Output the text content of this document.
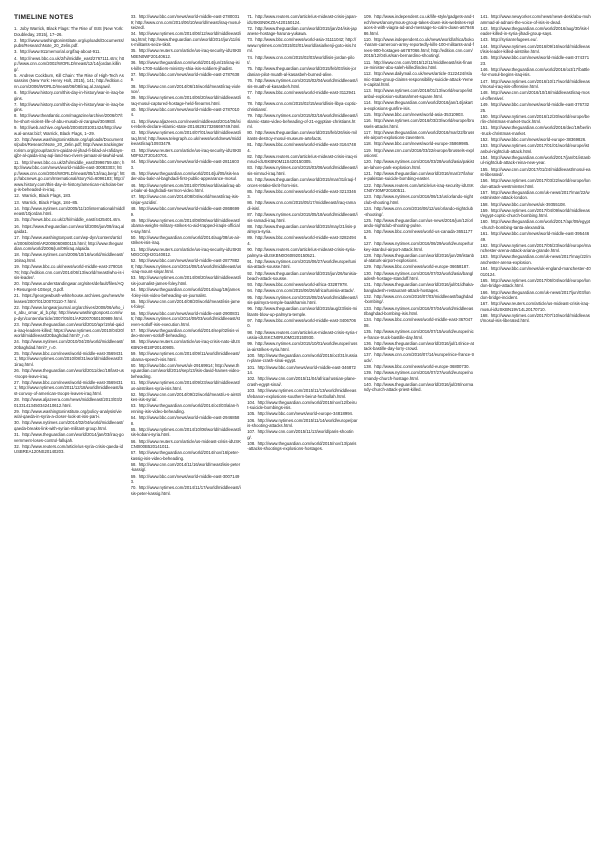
TIMELINE NOTES
1. Joby Warrick, Black Flags: The Rise of ISIS (New York: Doubleday, 2015), 17–26.
2. http://www.washingtoninstitute.org/uploads/Documents/pubs/ResearchNote_20_Zelin.pdf.
3. http://www.911memorial.org/faq-about-911.
4. http://news.bbc.co.uk/2/hi/middle_east/2767111.stm; http://www.cnn.com/2002/WORLD/meast/12/14/jordan.killing/.
5. Andrew Cockburn, Kill Chain: The Rise of High-Tech Assassins (New York: Henry Holt, 2015), 141; http://edition.cnn.com/2006/WORLD/meast/06/08/iraq.al.zarqawi/.
6. http://www.history.com/this-day-in-history/war-in-iraq-begins.
7. http://www.history.com/this-day-in-history/war-in-iraq-begins.
8. http://www.theatlantic.com/magazine/archive/2006/07/the-short-violent-life-of-abu-musab-al-zarqawi/304983/.
9. http://web.archive.org/web/20040201001424/http://www.al-ansar.biz/; Warrick, Black Flags, 1–29.
10. http://www.washingtoninstitute.org/uploads/Documents/pubs/ResearchNote_20_Zelin.pdf; http://www.trackingterrorism.org/group/tanzim-qaidat-al-jihad-fi-bilad-al-rafidayn-qjbr-al-qaida-iraq-aqi-land-two-rivers-jamaat-al-tawhid-wal.
11. http://news.bbc.co.uk/2/hi/middle_east/3996759.stm; http://www.bbc.com/news/world-middle-east-30083303; http://www.cnn.com/2004/WORLD/meast/05/13/iraq.berg/; http://abcnews.go.com/International/story?id=6096183; http://www.history.com/this-day-in-history/american-nicholas-berg-is-beheaded-in-iraq.
12. Warrick, Black Flags, 183.
13. Warrick, Black Flags, 184–85.
14. http://www.nytimes.com/2005/11/10/international/middleeast/10jordan.html.
15. http://news.bbc.co.uk/2/hi/middle_east/4425401.stm.
16. https://www.theguardian.com/world/2006/jun/08/iraq.alqaida1.
17. http://www.washingtonpost.com/wp-dyn/content/article/2006/06/08/AR2006060800115.html; http://www.theguardian.com/world/2006/jun/09/iraq.alqaida.
18. http://www.nytimes.com/2006/10/16/world/middleeast/16iraq.html.
19. http://www.bbc.co.uk/news/world-middle-east-27801676; http://edition.cnn.com/2014/06/13/world/meast/who-is-isis-leader/.
20. http://www.understandingwar.org/sites/default/files/AQI-Resurgent-10Sept_0.pdf.
21. https://georgewbush-whitehouse.archives.gov/news/releases/2007/01/20070110-7.html.
22. http://www.longwarjournal.org/archives/2008/06/who_is_abu_omar_al_b.php; http://www.washingtonpost.com/wp-dyn/content/article/2007/05/01/AR2007050100989.html.
23. http://www.theguardian.com/world/2010/apr/19/al-qaida-iraq-leaders-killed; https://www.nytimes.com/2010/04/20/world/middleeast/20baghdad.html?_r=0.
24. http://www.nytimes.com/2010/04/20/world/middleeast/20baghdad.html?_r=0.
25. http://www.bbc.com/news/world-middle-east-35694311; http://www.nytimes.com/2010/08/31/world/middleeast/31iraq.html.
26. http://www.theguardian.com/world/2011/dec/18/last-us-troops-leave-iraq.
27. http://www.bbc.com/news/world-middle-east-35694311; http://www.nytimes.com/2011/12/18/world/middleeast/last-convoy-of-american-troops-leaves-iraq.html.
28. http://www.aljazeera.com/news/middleeast/2013/03/201331413450342410612.html.
29. http://www.washingtoninstitute.org/policy-analysis/view/al-qaeda-in-syria-a-closer-look-at-isis-part-i.
30. http://www.nytimes.com/2014/02/04/world/middleeast/qaeda-breaks-link-with-syrian-militant-group.html.
31. http://www.theguardian.com/world/2014/jan/03/iraq-government-loses-control-fallujah.
32. http://www.reuters.com/article/us-syria-crisis-qaeda-idUSBREA120NS20140203.
33. http://www.bbc.com/news/world-middle-east-27800319; http://www.cnn.com/2014/06/10/world/meast/iraq-mosul-seized/.
34. http://www.nytimes.com/2014/06/12/world/middleeast/iraq.html; http://www.theguardian.com/world/2014/jun/11/isis-militants-seize-tikrit.
35. http://www.reuters.com/article/us-iraq-security-idUSKBN0EN0WF20140612.
36. http://www.theguardian.com/world/2014/jun/15/iraq-isis-kills-1700-soldiers-ministry-shia-isis-soldiers-jihadist.
37. http://www.bbc.com/news/world-middle-east-27876389.
38. http://www.cnn.com/2014/06/15/world/meast/iraq-violence/.
39. http://www.nytimes.com/2014/06/20/world/middleeast/iraq-mosul-captured-hostage-held-firearms.html.
40. http://www.bbc.com/news/world-middle-east-27870104.
41. http://www.aljazeera.com/news/middleeast/2014/06/isis-rebels-declare-islamic-state-201462917326669749.html.
42. http://www.nytimes.com/2014/07/01/world/middleeast/iraq.html; http://www.telegraph.co.uk/news/worldnews/middleeast/iraq/10933479.
43. http://www.reuters.com/article/us-iraq-security-idUSKBN0F62JT20140701.
44. http://www.bbc.com/news/world-middle-east-28116033.
45. http://www.theguardian.com/world/2014/jul/05/isis-leader-abu-bakr-al-baghdadi-first-public-appearance-mosul.
46. http://www.nytimes.com/2014/07/05/world/asia/iraq-abu-bakr-al-baghdadi-sermon-video.html.
47. http://www.cnn.com/2014/08/04/world/meast/iraq-isis-sinjar-yazidis/.
48. http://www.bbc.com/news/world-middle-east-28686999.
49. http://www.nytimes.com/2014/08/08/world/middleeast/obama-weighs-military-strikes-to-aid-trapped-iraqis-officials-say.html.
50. http://www.theguardian.com/world/2014/aug/08/us-air-strikes-isis-iraq.
51. http://www.reuters.com/article/us-iraq-security-idUSKBN0GC0QH20140812.
52. http://www.bbc.com/news/world-middle-east-28778828; http://www.nytimes.com/2014/08/14/world/middleeast/us-iraq-mount-sinjar.html.
53. http://www.nytimes.com/2014/08/20/world/middleeast/isis-journalist-james-foley.html.
54. http://www.theguardian.com/world/2014/aug/19/james-foley-isis-video-beheading-us-journalist.
55. http://www.cnn.com/2014/08/20/world/meast/isis-james-foley/.
56. http://www.bbc.com/news/world-middle-east-29008316; http://www.nytimes.com/2014/09/03/world/middleeast/steven-sotloff-isis-execution.html.
57. http://www.theguardian.com/world/2014/sep/02/isis-video-steven-sotloff-beheading.
58. http://www.reuters.com/article/us-iraq-crisis-nato-idUSKBN0H018P20140905.
59. http://www.nytimes.com/2014/09/11/world/middleeast/obama-speech-isis.html.
60. http://www.bbc.com/news/uk-29169914; http://www.theguardian.com/world/2014/sep/13/isis-david-haines-video-beheading.
61. http://www.nytimes.com/2014/09/23/world/middleeast/us-airstrikes-syria-isis.html.
62. http://www.cnn.com/2014/09/22/world/meast/u-s-airstrikes-isis-syria/.
63. http://www.theguardian.com/world/2014/oct/03/alan-henning-isis-video-beheading.
64. http://www.bbc.com/news/world-middle-east-29468588.
65. http://www.nytimes.com/2014/10/08/world/middleeast/isis-kobani-syria.html.
66. http://www.reuters.com/article/us-mideast-crisis-idUSKCN0I00B520141011.
67. http://www.theguardian.com/world/2014/nov/16/peter-kassig-isis-video-beheading.
68. http://www.cnn.com/2014/11/16/world/meast/isis-peter-kassig/.
69. http://www.bbc.com/news/world-middle-east-30071493.
70. http://www.nytimes.com/2014/11/17/world/middleeast/isis-peter-kassig.html.
71. http://www.reuters.com/article/us-mideast-crisis-japan-idUSKBN0KZ0A420150124.
72. http://www.theguardian.com/world/2015/jan/24/isis-japanese-hostage-haruna-yukawa.
73. http://www.bbc.com/news/world-asia-31111042; http://www.nytimes.com/2015/02/01/world/asia/kenji-goto-isis.html.
74. http://www.cnn.com/2015/02/03/world/isis-jordan-pilot/.
75. http://www.theguardian.com/world/2015/feb/03/isis-jordanian-pilot-muath-al-kasasbeh-burned-alive.
76. http://www.nytimes.com/2015/02/04/world/middleeast/isis-muath-al-kasasbeh.html.
77. http://www.bbc.com/news/world-middle-east-31129416.
78. http://www.cnn.com/2015/02/15/world/isis-libya-coptic-christians/.
79. http://www.nytimes.com/2015/02/16/world/middleeast/islamic-state-video-beheading-of-21-egyptian-christians.html.
80. http://www.theguardian.com/world/2015/feb/26/isis-militants-destroy-mosul-museum-artefacts.
81. http://www.bbc.com/news/world-middle-east-31647484.
82. http://www.reuters.com/article/us-mideast-crisis-iraq-nimrud-idUSKBN0M11S420150305.
83. http://www.nytimes.com/2015/03/06/world/middleeast/isis-nimrud-iraq.html.
84. http://www.theguardian.com/world/2015/mar/31/iraqi-forces-retake-tikrit-from-isis.
85. http://www.bbc.com/news/world-middle-east-32133463.
86. http://www.cnn.com/2015/05/17/middleeast/iraq-ramadi-isis/.
87. http://www.nytimes.com/2015/05/18/world/middleeast/isis-ramadi-iraq.html.
88. http://www.theguardian.com/world/2015/may/21/isis-palmyra-syria.
89. http://www.bbc.com/news/world-middle-east-32824944.
90. http://www.reuters.com/article/us-mideast-crisis-syria-palmyra-idUSKBN0O60I920150521.
91. http://www.nytimes.com/2015/06/27/world/europe/tunisia-attack-sousse.html.
92. http://www.theguardian.com/world/2015/jun/26/tunisia-beach-attack-sousse.
93. http://www.bbc.com/news/world-africa-33287978.
94. http://www.cnn.com/2015/06/26/africa/tunisia-attack/.
95. http://www.nytimes.com/2015/08/24/world/middleeast/isis-palmyra-temple-baalshamin.html.
96. http://www.theguardian.com/world/2015/aug/23/isis-militants-blow-up-palmyra-temple.
97. http://www.bbc.com/news/world-middle-east-34067060.
98. http://www.reuters.com/article/us-mideast-crisis-syria-russia-idUSKCN0RU0MG20150930.
99. http://www.nytimes.com/2015/10/01/world/europe/russia-airstrikes-syria.html.
100. http://www.theguardian.com/world/2015/oct/31/russian-plane-crash-sinai-egypt.
101. http://www.bbc.com/news/world-middle-east-34687214.
102. http://www.cnn.com/2015/11/04/africa/russian-plane-crash-egypt-sinai/.
103. http://www.nytimes.com/2015/11/13/world/middleeast/lebanon-explosions-southern-beirut-hezbollah.html.
104. http://www.theguardian.com/world/2015/nov/12/beirut-suicide-bombings-isis.
105. http://www.bbc.com/news/world-europe-34818994.
106. http://www.nytimes.com/2015/11/14/world/europe/paris-shooting-attacks.html.
107. http://www.cnn.com/2015/11/13/world/paris-shooting/.
108. http://www.theguardian.com/world/2015/nov/13/paris-attacks-shootings-explosions-hostages.
109. http://www.independent.co.uk/life-style/gadgets-and-tech/news/anonymous-group-takes-down-isis-websites-replaces-it-with-viagra-ad-and-message-to-calm-down-a6794686.html.
110. http://www.independent.co.uk/news/world/africa/boko-haram-cameroon-army-reportedly-kills-100-militants-and-frees-900-hostages-a6787066.html; http://edition.cnn.com/2015/12/04/us/san-bernardino-shooting/.
111. http://www.cnn.com/2015/12/11/middleeast/isis-finance-minister-abu-saleh-killed/index.html.
112. http://www.dailymail.co.uk/news/article-3122424/Islamic-State-group-claims-responsibility-suicide-attack-Yemen-capital.html.
113. http://www.nytimes.com/2016/01/13/world/europe/istanbul-explosion-sultanahmet-square.html.
114. http://www.theguardian.com/world/2016/jan/14/jakarta-explosions-gunfire-isis.
115. http://www.bbc.com/news/world-asia-35310903.
116. http://www.nytimes.com/2016/03/23/world/europe/brussels-attacks.html.
117. http://www.theguardian.com/world/2016/mar/22/brussels-airport-explosions-zaventem.
118. http://www.bbc.com/news/world-europe-35869985.
119. http://www.cnn.com/2016/03/22/europe/brussels-explosions/.
120. http://www.nytimes.com/2016/03/28/world/asia/pakistan-lahore-park-explosion.html.
121. http://www.theguardian.com/world/2016/mar/27/lahore-pakistan-suicide-bombing-easter.
122. http://www.reuters.com/article/us-iraq-security-idUSKCN0Y30MF20160511.
123. http://www.nytimes.com/2016/06/13/us/orlando-nightclub-shooting.html.
124. http://www.cnn.com/2016/06/12/us/orlando-nightclub-shooting/.
125. http://www.theguardian.com/us-news/2016/jun/12/orlando-nightclub-shooting-pulse.
126. http://www.bbc.com/news/world-us-canada-36511778.
127. http://www.nytimes.com/2016/06/29/world/europe/turkey-istanbul-airport-attack.html.
128. http://www.theguardian.com/world/2016/jun/28/istanbul-ataturk-airport-explosions.
129. http://www.bbc.com/news/world-europe-36658187.
130. http://www.nytimes.com/2016/07/02/world/asia/bangladesh-hostage-standoff.html.
131. http://www.theguardian.com/world/2016/jul/01/dhaka-bangladesh-restaurant-attack-hostages.
132. http://www.cnn.com/2016/07/03/middleeast/baghdad-bombing/.
133. http://www.nytimes.com/2016/07/04/world/middleeast/baghdad-bombing-isis.html.
134. http://www.bbc.com/news/world-middle-east-36704708.
135. http://www.nytimes.com/2016/07/15/world/europe/nice-france-truck-bastille-day.html.
136. http://www.theguardian.com/world/2016/jul/14/nice-attack-bastille-day-lorry-crowd.
137. http://www.cnn.com/2016/07/14/europe/nice-france-truck/.
138. http://www.bbc.com/news/world-europe-36800730.
139. http://www.nytimes.com/2016/07/27/world/europe/normandy-church-hostage.html.
140. http://www.theguardian.com/world/2016/jul/26/normandy-church-attack-priest-killed.
141. http://www.newyorker.com/news/news-desk/abu-muhammad-al-adnani-the-voice-of-isis-is-dead.
142. http://www.theguardian.com/world/2016/aug/30/isis-leader-killed-in-syria-jihadi-group-says.
143. http://syrianrefugees.eu/.
144. http://www.nytimes.com/2016/09/16/world/middleeast/isis-leader-killed-airstrike.html.
145. http://www.bbc.com/news/world-middle-east-37437123.
146. http://www.theguardian.com/world/2016/oct/17/battle-for-mosul-begins-iraq-isis.
147. http://www.nytimes.com/2016/10/17/world/middleeast/mosul-iraq-isis-offensive.html.
148. http://www.cnn.com/2016/10/16/middleeast/iraq-mosul-offensive/.
149. http://www.bbc.com/news/world-middle-east-37673225.
150. http://www.nytimes.com/2016/12/20/world/europe/berlin-christmas-market-truck.html.
151. http://www.theguardian.com/world/2016/dec/19/berlin-truck-christmas-market.
152. http://www.bbc.com/news/world-europe-38369826.
153. http://www.nytimes.com/2017/01/01/world/europe/istanbul-nightclub-attack.html.
154. http://www.theguardian.com/world/2017/jan/01/istanbul-nightclub-attack-reina-new-year.
155. http://www.cnn.com/2017/01/24/middleeast/mosul-east-liberated/.
156. http://www.nytimes.com/2017/03/22/world/europe/london-attack-westminster.html.
157. http://www.theguardian.com/uk-news/2017/mar/22/westminster-attack-london.
158. http://www.bbc.com/news/uk-39355108.
159. http://www.nytimes.com/2017/04/09/world/middleeast/egypt-coptic-church-bombing.html.
160. http://www.theguardian.com/world/2017/apr/09/egypt-church-bombing-tanta-alexandria.
161. http://www.bbc.com/news/world-middle-east-39544649.
162. http://www.nytimes.com/2017/05/23/world/europe/manchester-arena-attack-ariana-grande.html.
163. http://www.theguardian.com/uk-news/2017/may/22/manchester-arena-explosion.
164. http://www.bbc.com/news/uk-england-manchester-40010124.
165. http://www.nytimes.com/2017/06/04/world/europe/london-bridge-attack.html.
166. http://www.theguardian.com/uk-news/2017/jun/03/london-bridge-incident.
167. http://www.reuters.com/article/us-mideast-crisis-iraq-mosul-idUSKBN19V14L20170710.
168. http://www.nytimes.com/2017/07/10/world/middleeast/mosul-isis-liberated.html.
